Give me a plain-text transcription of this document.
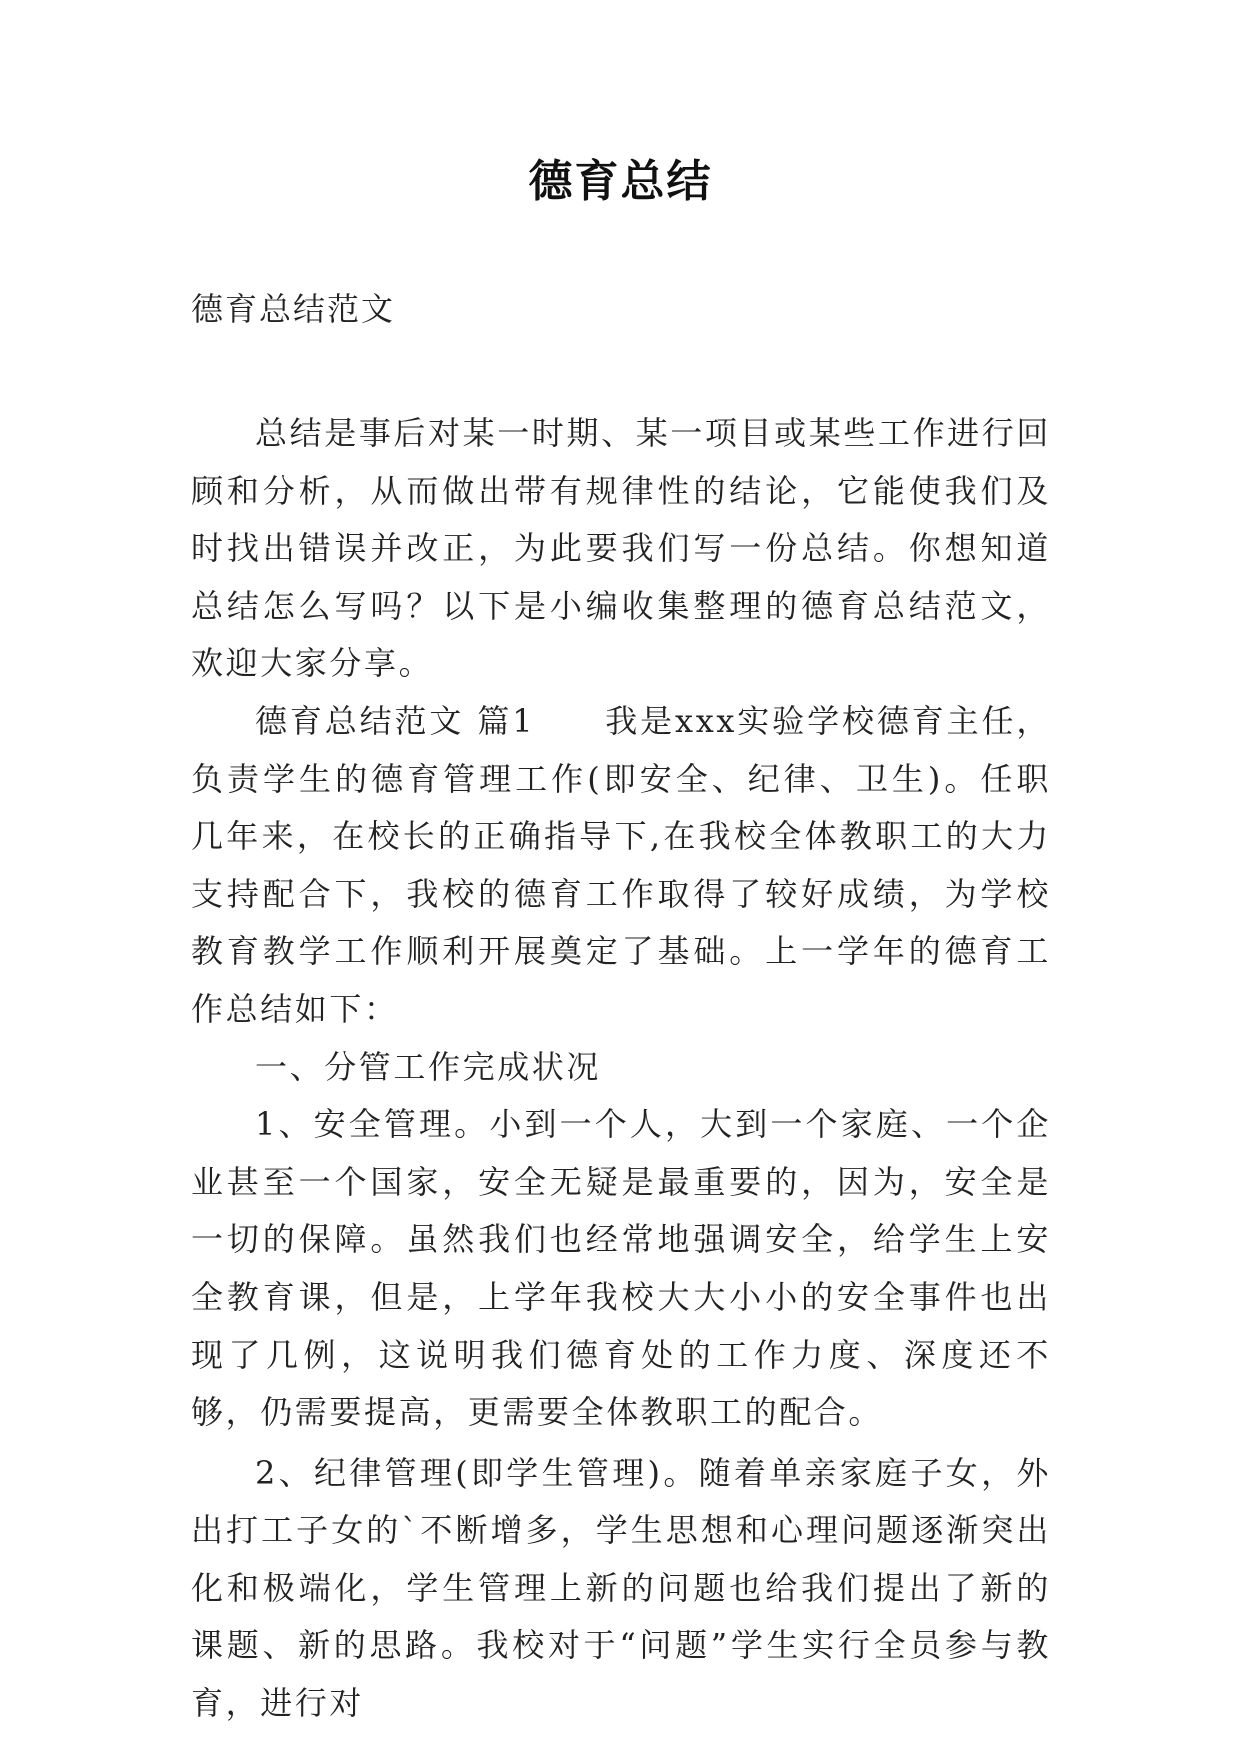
德育总结

德育总结范文

总结是事后对某一时期、某一项目或某些工作进行回顾和分析，从而做出带有规律性的结论，它能使我们及时找出错误并改正，为此要我们写一份总结。你想知道总结怎么写吗？以下是小编收集整理的德育总结范文，欢迎大家分享。

德育总结范文 篇1　　我是xxx实验学校德育主任，负责学生的德育管理工作(即安全、纪律、卫生)。任职几年来，在校长的正确指导下,在我校全体教职工的大力支持配合下，我校的德育工作取得了较好成绩，为学校教育教学工作顺利开展奠定了基础。上一学年的德育工作总结如下：

一、分管工作完成状况

1、安全管理。小到一个人，大到一个家庭、一个企业甚至一个国家，安全无疑是最重要的，因为，安全是一切的保障。虽然我们也经常地强调安全，给学生上安全教育课，但是，上学年我校大大小小的安全事件也出现了几例，这说明我们德育处的工作力度、深度还不够，仍需要提高，更需要全体教职工的配合。

2、纪律管理(即学生管理)。随着单亲家庭子女，外出打工子女的`不断增多，学生思想和心理问题逐渐突出化和极端化，学生管理上新的问题也给我们提出了新的课题、新的思路。我校对于“问题”学生实行全员参与教育，进行对
